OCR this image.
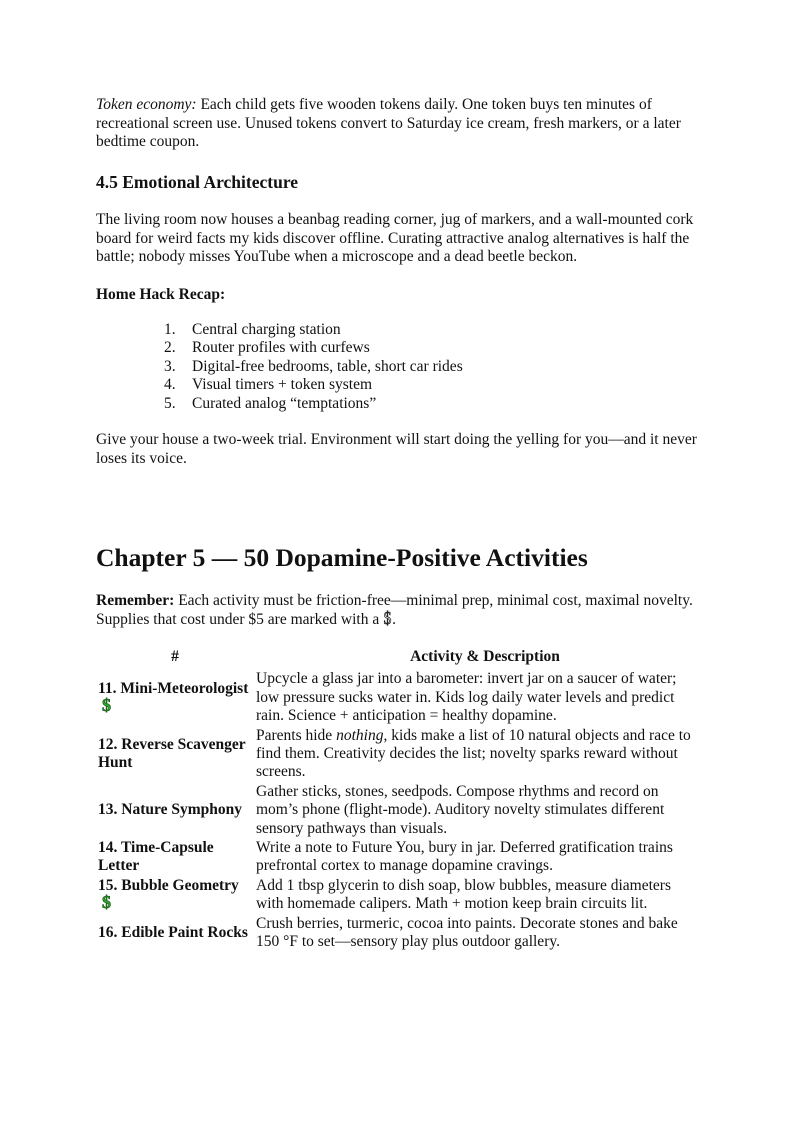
Token economy: Each child gets five wooden tokens daily. One token buys ten minutes of recreational screen use. Unused tokens convert to Saturday ice cream, fresh markers, or a later bedtime coupon.

4.5 Emotional Architecture

The living room now houses a beanbag reading corner, jug of markers, and a wall-mounted cork board for weird facts my kids discover offline. Curating attractive analog alternatives is half the battle; nobody misses YouTube when a microscope and a dead beetle beckon.

Home Hack Recap:
1.	Central charging station
2.	Router profiles with curfews
3.	Digital-free bedrooms, table, short car rides
4.	Visual timers + token system
5.	Curated analog “temptations”

Give your house a two-week trial. Environment will start doing the yelling for you—and it never loses its voice.

Chapter 5 — 50 Dopamine-Positive Activities

Remember: Each activity must be friction-free—minimal prep, minimal cost, maximal novelty. Supplies that cost under $5 are marked with a $.

#	Activity & Description
11. Mini-Meteorologist$	Upcycle a glass jar into a barometer: invert jar on a saucer of water; low pressure sucks water in. Kids log daily water levels and predict rain. Science + anticipation = healthy dopamine.
12. Reverse Scavenger Hunt	Parents hide nothing, kids make a list of 10 natural objects and race to find them. Creativity decides the list; novelty sparks reward without screens.
13. Nature Symphony	Gather sticks, stones, seedpods. Compose rhythms and record on mom’s phone (flight-mode). Auditory novelty stimulates different sensory pathways than visuals.
14. Time-Capsule Letter	Write a note to Future You, bury in jar. Deferred gratification trains prefrontal cortex to manage dopamine cravings.
15. Bubble Geometry$	Add 1 tbsp glycerin to dish soap, blow bubbles, measure diameters with homemade calipers. Math + motion keep brain circuits lit.
16. Edible Paint Rocks	Crush berries, turmeric, cocoa into paints. Decorate stones and bake 150 °F to set—sensory play plus outdoor gallery.
